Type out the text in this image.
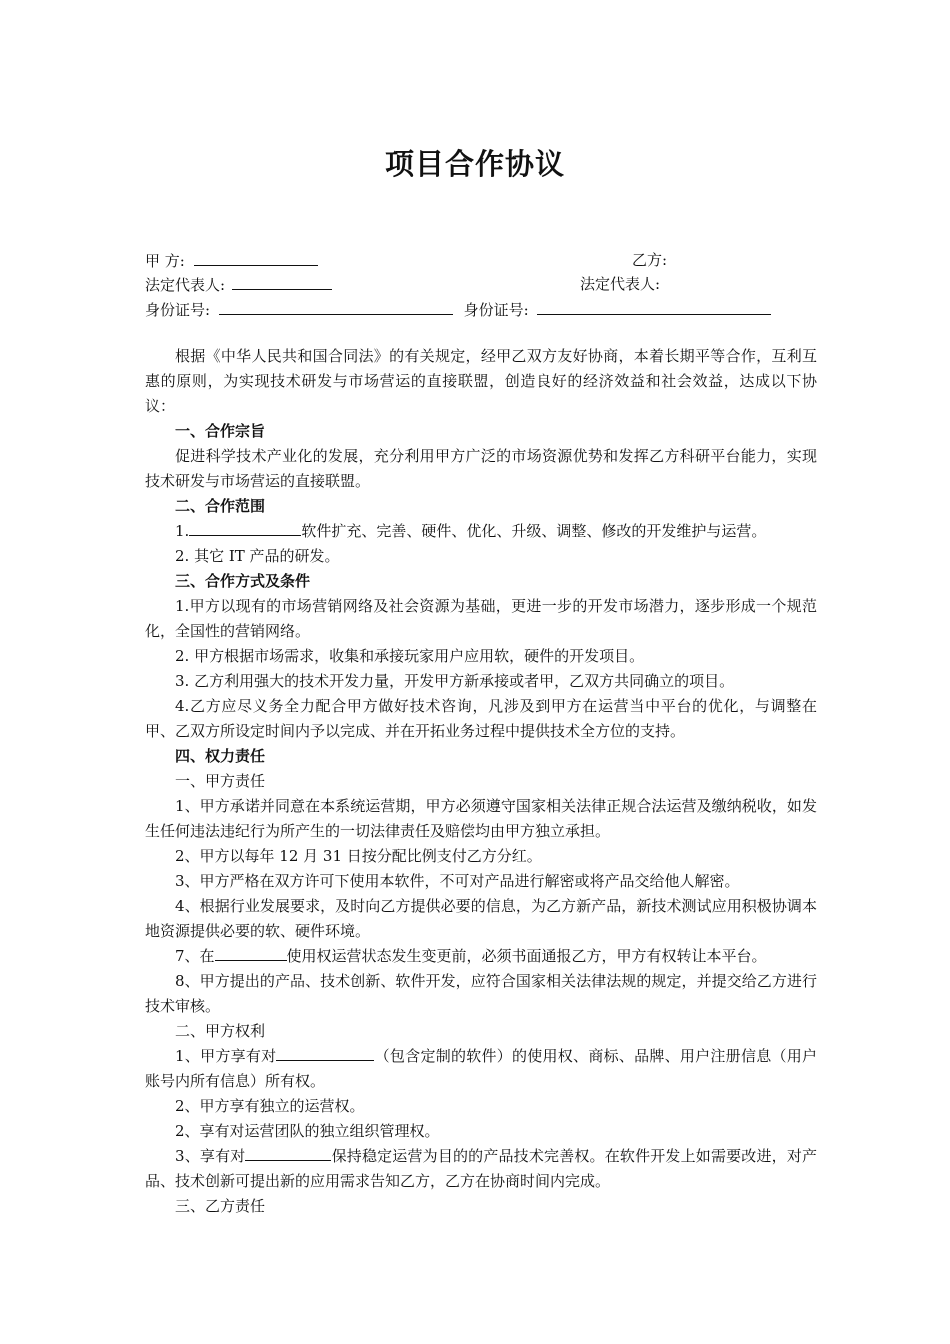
项目合作协议
甲 方:	乙方:
法定代表人:	法定代表人:
身份证号:	身份证号:

根据《中华人民共和国合同法》的有关规定，经甲乙双方友好协商，本着长期平等合作，互利互惠的原则，为实现技术研发与市场营运的直接联盟，创造良好的经济效益和社会效益，达成以下协议：

一、合作宗旨

促进科学技术产业化的发展，充分利用甲方广泛的市场资源优势和发挥乙方科研平台能力，实现技术研发与市场营运的直接联盟。

二、合作范围

1.	软件扩充、完善、硬件、优化、升级、调整、修改的开发维护与运营。

2. 其它 IT 产品的研发。

三、合作方式及条件

1.甲方以现有的市场营销网络及社会资源为基础，更进一步的开发市场潜力，逐步形成一个规范化，全国性的营销网络。

2. 甲方根据市场需求，收集和承接玩家用户应用软，硬件的开发项目。

3. 乙方利用强大的技术开发力量，开发甲方新承接或者甲，乙双方共同确立的项目。

4.乙方应尽义务全力配合甲方做好技术咨询，凡涉及到甲方在运营当中平台的优化，与调整在甲、乙双方所设定时间内予以完成、并在开拓业务过程中提供技术全方位的支持。

四、权力责任

一、甲方责任

1、甲方承诺并同意在本系统运营期，甲方必须遵守国家相关法律正规合法运营及缴纳税收，如发生任何违法违纪行为所产生的一切法律责任及赔偿均由甲方独立承担。

2、甲方以每年 12 月 31 日按分配比例支付乙方分红。

3、甲方严格在双方许可下使用本软件，不可对产品进行解密或将产品交给他人解密。

4、根据行业发展要求，及时向乙方提供必要的信息，为乙方新产品，新技术测试应用积极协调本地资源提供必要的软、硬件环境。

7、在	使用权运营状态发生变更前，必须书面通报乙方，甲方有权转让本平台。

8、甲方提出的产品、技术创新、软件开发，应符合国家相关法律法规的规定，并提交给乙方进行技术审核。

二、甲方权利

1、甲方享有对	（包含定制的软件）的使用权、商标、品牌、用户注册信息（用户账号内所有信息）所有权。

2、甲方享有独立的运营权。

2、享有对运营团队的独立组织管理权。

3、享有对	保持稳定运营为目的的产品技术完善权。在软件开发上如需要改进，对产品、技术创新可提出新的应用需求告知乙方，乙方在协商时间内完成。

三、乙方责任
